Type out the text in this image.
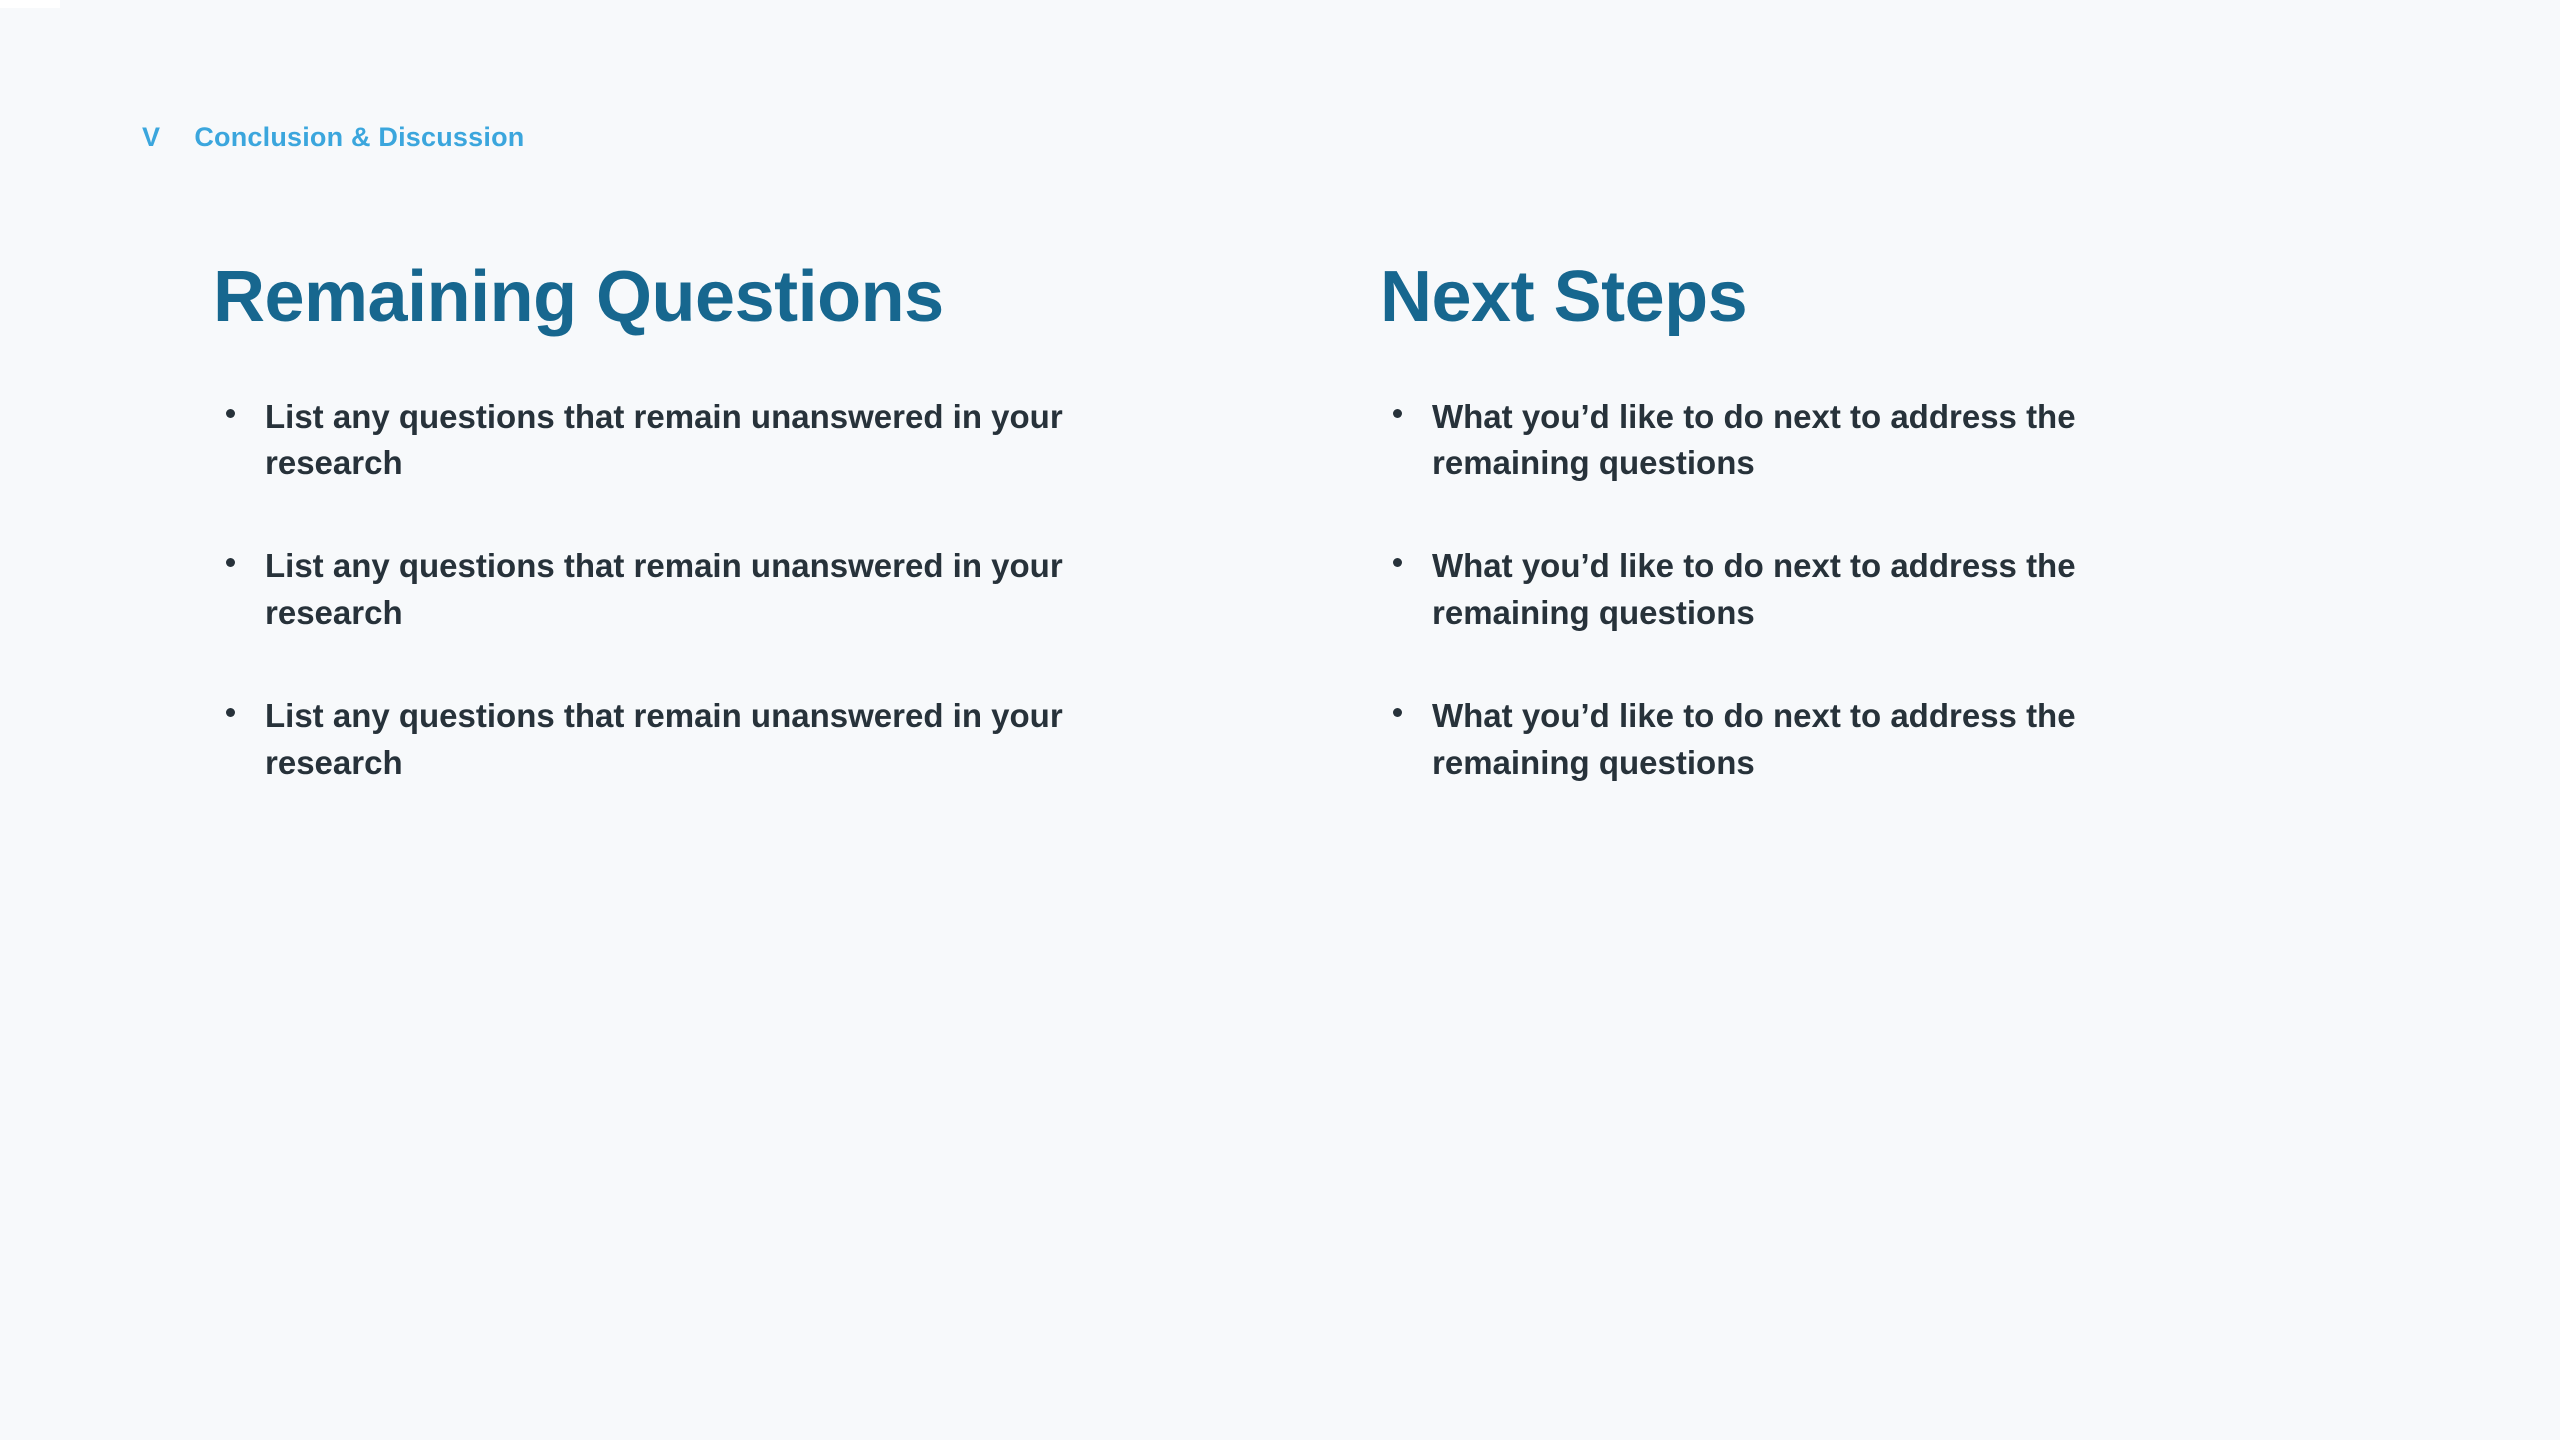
V Conclusion & Discussion
Remaining Questions
List any questions that remain unanswered in your research
List any questions that remain unanswered in your research
List any questions that remain unanswered in your research
Next Steps
What you’d like to do next to address the remaining questions
What you’d like to do next to address the remaining questions
What you’d like to do next to address the remaining questions
